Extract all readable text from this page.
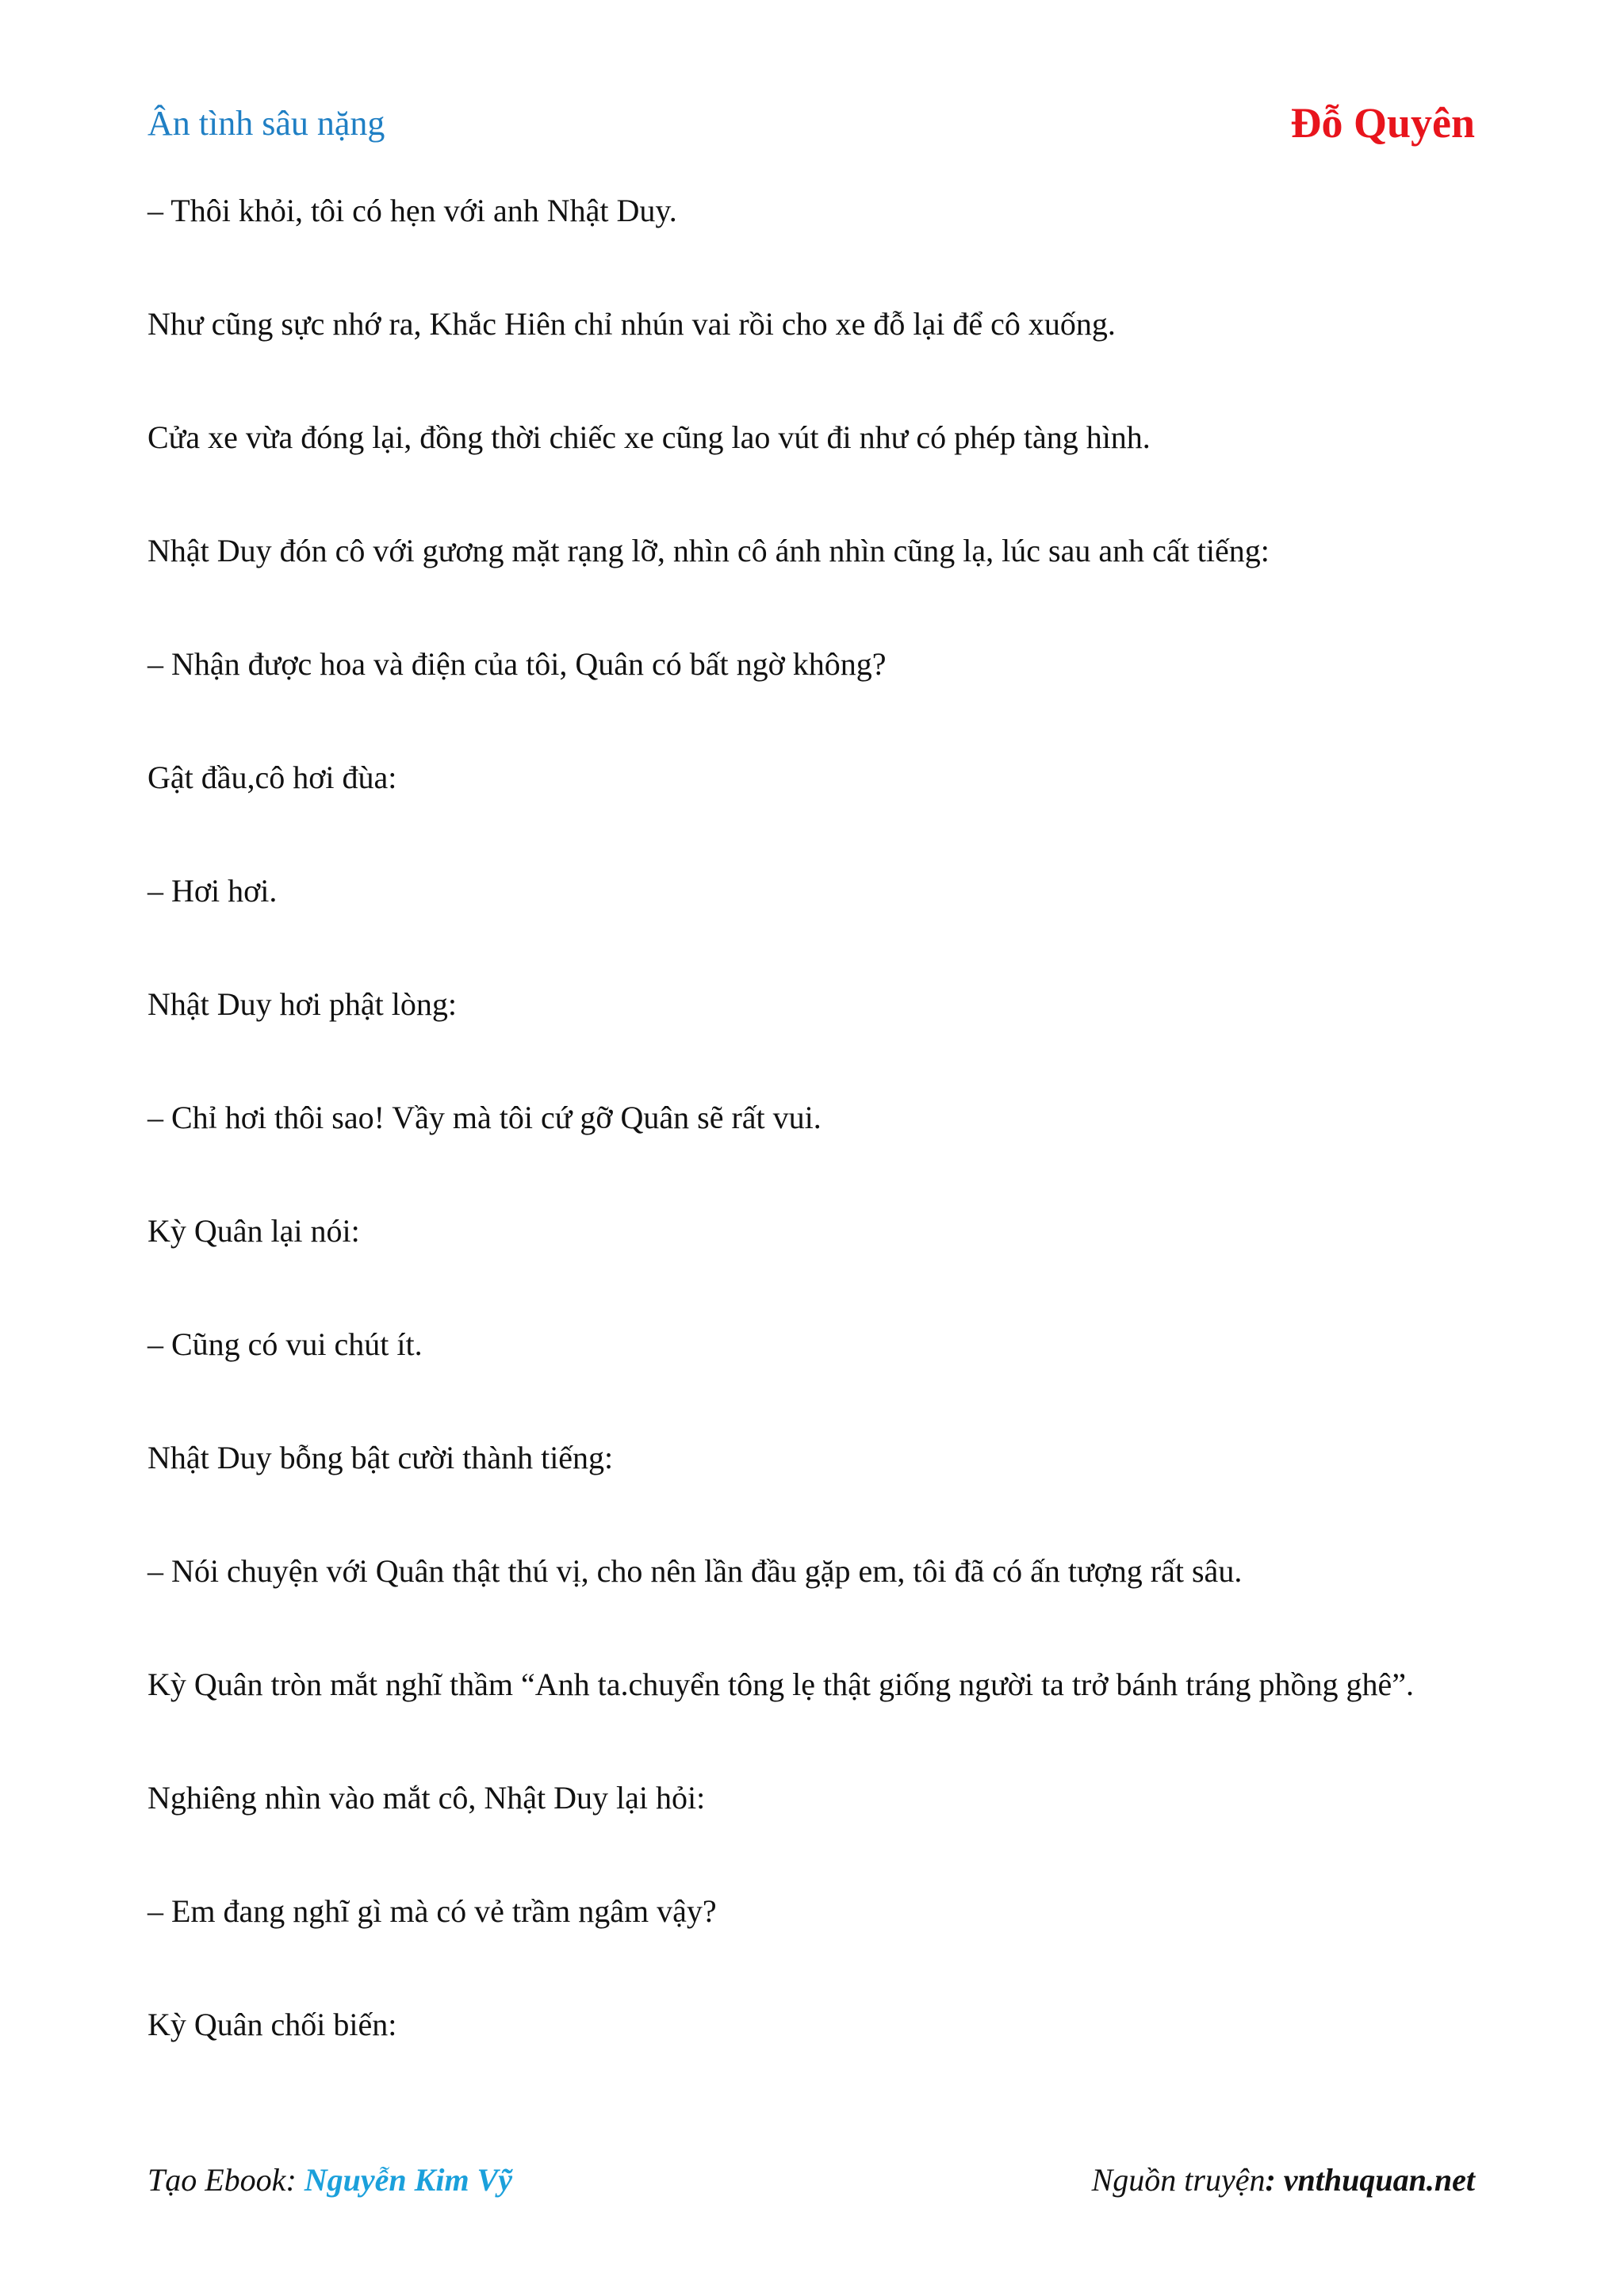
Ân tình sâu nặng	Đỗ Quyên

– Thôi khỏi, tôi có hẹn với anh Nhật Duy.

Như cũng sực nhớ ra, Khắc Hiên chỉ nhún vai rồi cho xe đỗ lại để cô xuống.

Cửa xe vừa đóng lại, đồng thời chiếc xe cũng lao vút đi như có phép tàng hình.

Nhật Duy đón cô với gương mặt rạng lỡ, nhìn cô ánh nhìn cũng lạ, lúc sau anh cất tiếng:

– Nhận được hoa và điện của tôi, Quân có bất ngờ không?

Gật đầu,cô hơi đùa:

– Hơi hơi.

Nhật Duy hơi phật lòng:

– Chỉ hơi thôi sao! Vầy mà tôi cứ gỡ Quân sẽ rất vui.

Kỳ Quân lại nói:

– Cũng có vui chút ít.

Nhật Duy bỗng bật cười thành tiếng:

– Nói chuyện với Quân thật thú vị, cho nên lần đầu gặp em, tôi đã có ấn tượng rất sâu.

Kỳ Quân tròn mắt nghĩ thầm “Anh ta.chuyển tông lẹ thật giống người ta trở bánh tráng phồng ghê”.

Nghiêng nhìn vào mắt cô, Nhật Duy lại hỏi:

– Em đang nghĩ gì mà có vẻ trầm ngâm vậy?

Kỳ Quân chối biến:

Tạo Ebook: Nguyễn Kim Vỹ	Nguồn truyện: vnthuquan.net
